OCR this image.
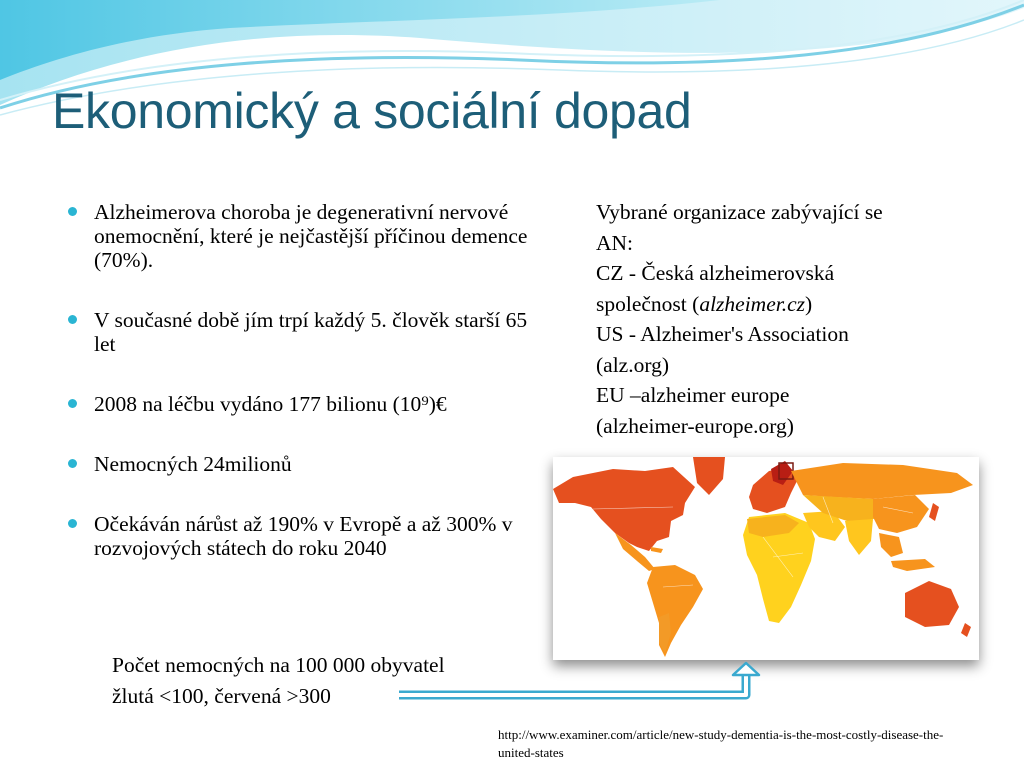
Ekonomický a sociální dopad
Alzheimerova choroba je degenerativní nervové onemocnění, které je nejčastější příčinou demence (70%).
V současné době jím trpí každý 5. člověk starší 65 let
2008 na léčbu vydáno 177 bilionu (10⁹)€
Nemocných 24milionů
Očekáván nárůst až 190% v Evropě a až 300% v rozvojových státech do roku 2040
Vybrané organizace zabývající se
AN:
CZ - Česká alzheimerovská
společnost (alzheimer.cz)
US - Alzheimer's Association
(alz.org)
EU –alzheimer europe
(alzheimer-europe.org)
Počet nemocných na 100 000 obyvatel
žlutá <100, červená >300
http://www.examiner.com/article/new-study-dementia-is-the-most-costly-disease-the-united-states
